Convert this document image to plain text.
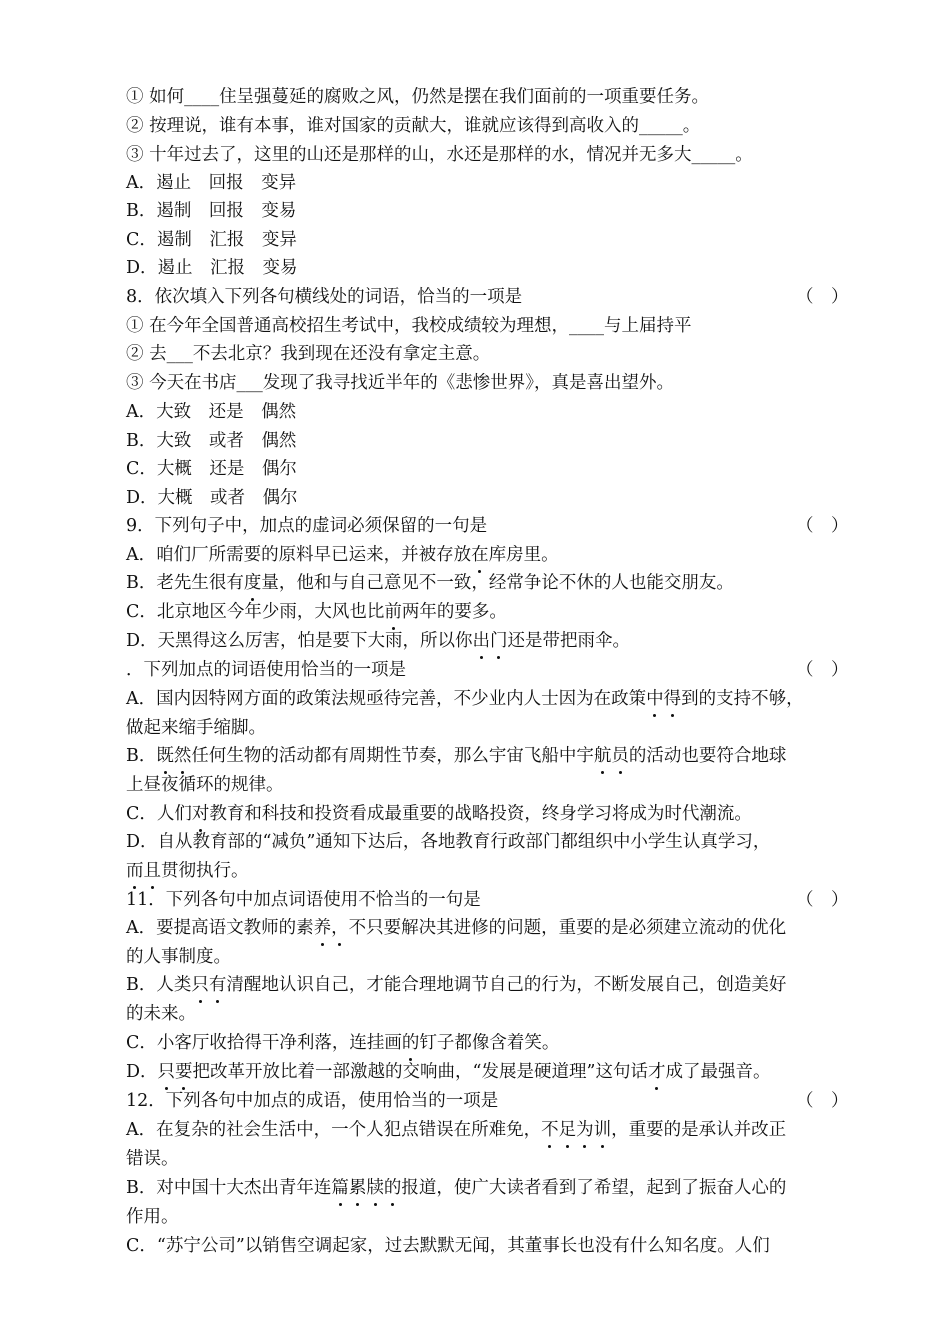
① 如何____住呈强蔓延的腐败之风，仍然是摆在我们面前的一项重要任务。
② 按理说，谁有本事，谁对国家的贡献大，谁就应该得到高收入的_____。
③ 十年过去了，这里的山还是那样的山，水还是那样的水，情况并无多大_____。
A．遏止　回报　变异
B．遏制　回报　变易
C．遏制　汇报　变异
D．遏止　汇报　变易
8．依次填入下列各句横线处的词语，恰当的一项是	（　）
① 在今年全国普通高校招生考试中，我校成绩较为理想，____与上届持平
② 去___不去北京？我到现在还没有拿定主意。
③ 今天在书店___发现了我寻找近半年的《悲惨世界》，真是喜出望外。
A．大致　还是　偶然
B．大致　或者　偶然
C．大概　还是　偶尔
D．大概　或者　偶尔
9．下列句子中，加点的虚词必须保留的一句是	（　）
A．咱们厂所需要的原料早已运来，并被存放在库房里。
B．老先生很有度量，他和与自己意见不一致，经常争论不休的人也能交朋友。
C．北京地区今年少雨，大风也比前两年的要多。
D．天黑得这么厉害，怕是要下大雨，所以你出门还是带把雨伞。
．下列加点的词语使用恰当的一项是	（　）
A．国内因特网方面的政策法规亟待完善，不少业内人士因为在政策中得到的支持不够，
做起来缩手缩脚。
B．既然任何生物的活动都有周期性节奏，那么宇宙飞船中宇航员的活动也要符合地球
上昼夜循环的规律。
C．人们对教育和科技和投资看成最重要的战略投资，终身学习将成为时代潮流。
D．自从教育部的“减负”通知下达后，各地教育行政部门都组织中小学生认真学习，
而且贯彻执行。
11．下列各句中加点词语使用不恰当的一句是	（　）
A．要提高语文教师的素养，不只要解决其进修的问题，重要的是必须建立流动的优化
的人事制度。
B．人类只有清醒地认识自己，才能合理地调节自己的行为，不断发展自己，创造美好
的未来。
C．小客厅收拾得干净利落，连挂画的钉子都像含着笑。
D．只要把改革开放比着一部激越的交响曲，“发展是硬道理”这句话才成了最强音。
12．下列各句中加点的成语，使用恰当的一项是	（　）
A．在复杂的社会生活中，一个人犯点错误在所难免，不足为训，重要的是承认并改正
错误。
B．对中国十大杰出青年连篇累牍的报道，使广大读者看到了希望，起到了振奋人心的
作用。
C．“苏宁公司”以销售空调起家，过去默默无闻，其董事长也没有什么知名度。人们
